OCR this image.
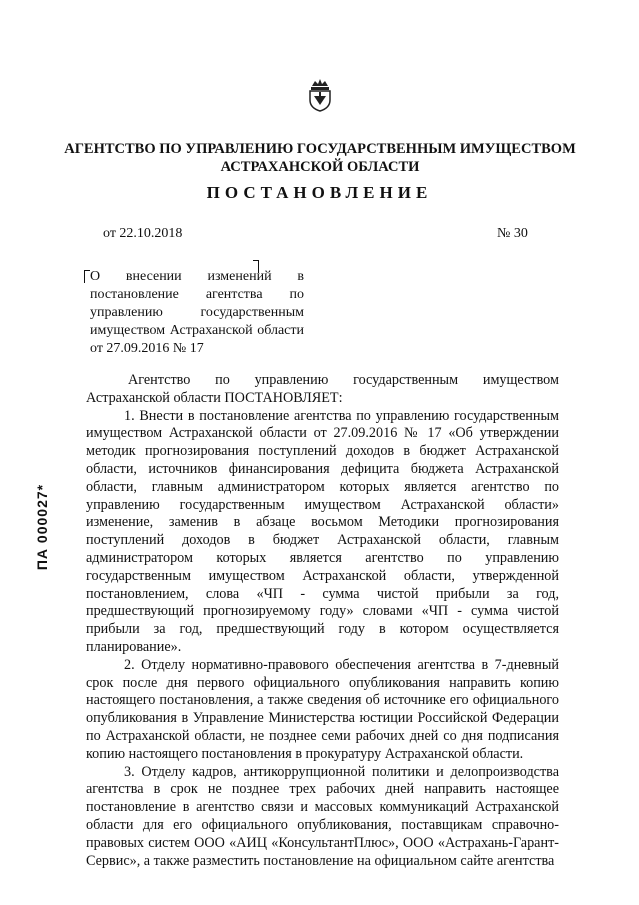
АГЕНТСТВО ПО УПРАВЛЕНИЮ ГОСУДАРСТВЕННЫМ ИМУЩЕСТВОМ
АСТРАХАНСКОЙ ОБЛАСТИ
ПОСТАНОВЛЕНИЕ
от 22.10.2018	№ 30
О внесении изменений в постановление агентства по управлению государственным имуществом Астраханской области от 27.09.2016 № 17
ПА 000027*

Агентство по управлению государственным имуществом Астраханской области ПОСТАНОВЛЯЕТ:

1. Внести в постановление агентства по управлению государственным имуществом Астраханской области от 27.09.2016 № 17 «Об утверждении методик прогнозирования поступлений доходов в бюджет Астраханской области, источников финансирования дефицита бюджета Астраханской области, главным администратором которых является агентство по управлению государственным имуществом Астраханской области» изменение, заменив в абзаце восьмом Методики прогнозирования поступлений доходов в бюджет Астраханской области, главным администратором которых является агентство по управлению государственным имуществом Астраханской области, утвержденной постановлением, слова «ЧП - сумма чистой прибыли за год, предшествующий прогнозируемому году» словами «ЧП - сумма чистой прибыли за год, предшествующий году в котором осуществляется планирование».

2. Отделу нормативно-правового обеспечения агентства в 7-дневный срок после дня первого официального опубликования направить копию настоящего постановления, а также сведения об источнике его официального опубликования в Управление Министерства юстиции Российской Федерации по Астраханской области, не позднее семи рабочих дней со дня подписания копию настоящего постановления в прокуратуру Астраханской области.

3. Отделу кадров, антикоррупционной политики и делопроизводства агентства в срок не позднее трех рабочих дней направить настоящее постановление в агентство связи и массовых коммуникаций Астраханской области для его официального опубликования, поставщикам справочно-правовых систем ООО «АИЦ «КонсультантПлюс», ООО «Астрахань-Гарант-Сервис», а также разместить постановление на официальном сайте агентства
